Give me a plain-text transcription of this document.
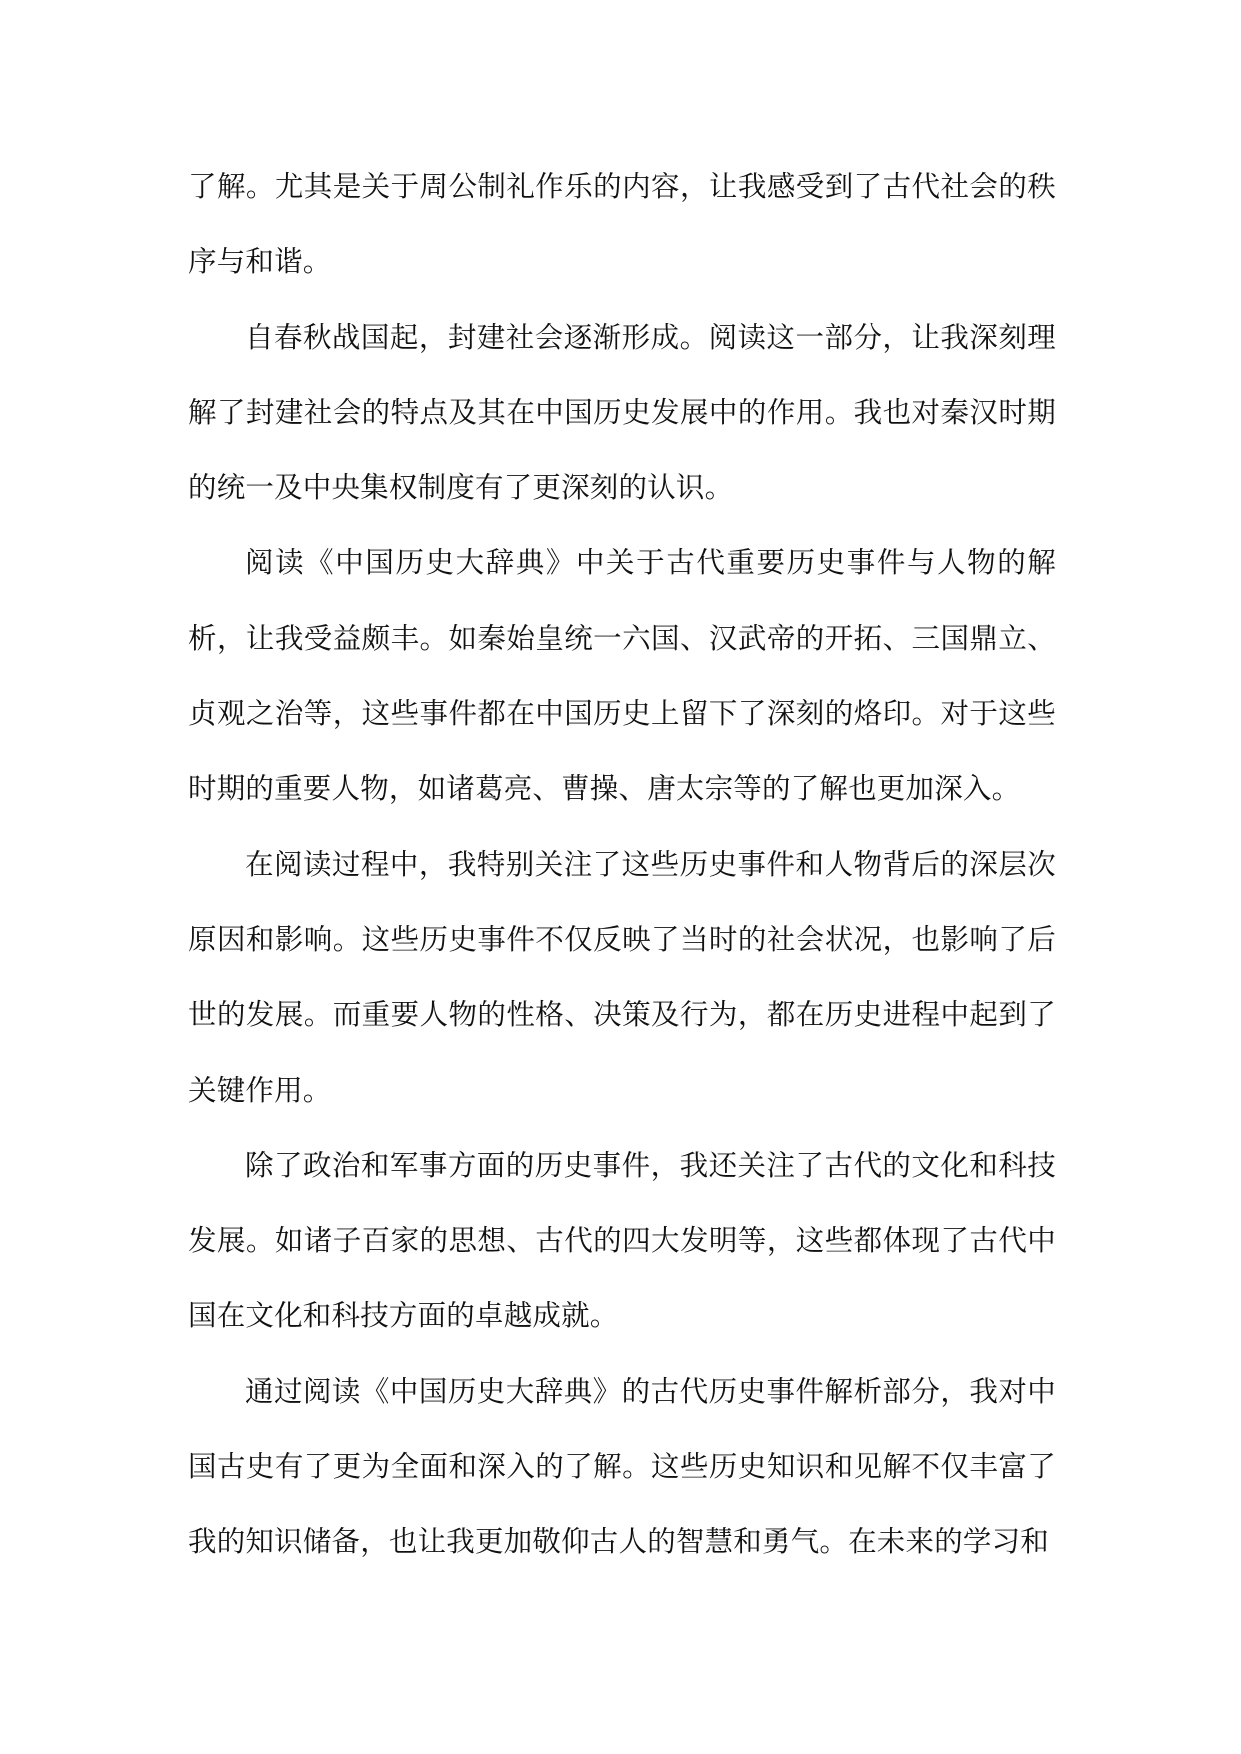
了解。尤其是关于周公制礼作乐的内容，让我感受到了古代社会的秩序与和谐。

自春秋战国起，封建社会逐渐形成。阅读这一部分，让我深刻理解了封建社会的特点及其在中国历史发展中的作用。我也对秦汉时期的统一及中央集权制度有了更深刻的认识。

阅读《中国历史大辞典》中关于古代重要历史事件与人物的解析，让我受益颇丰。如秦始皇统一六国、汉武帝的开拓、三国鼎立、贞观之治等，这些事件都在中国历史上留下了深刻的烙印。对于这些时期的重要人物，如诸葛亮、曹操、唐太宗等的了解也更加深入。

在阅读过程中，我特别关注了这些历史事件和人物背后的深层次原因和影响。这些历史事件不仅反映了当时的社会状况，也影响了后世的发展。而重要人物的性格、决策及行为，都在历史进程中起到了关键作用。

除了政治和军事方面的历史事件，我还关注了古代的文化和科技发展。如诸子百家的思想、古代的四大发明等，这些都体现了古代中国在文化和科技方面的卓越成就。

通过阅读《中国历史大辞典》的古代历史事件解析部分，我对中国古史有了更为全面和深入的了解。这些历史知识和见解不仅丰富了我的知识储备，也让我更加敬仰古人的智慧和勇气。在未来的学习和
